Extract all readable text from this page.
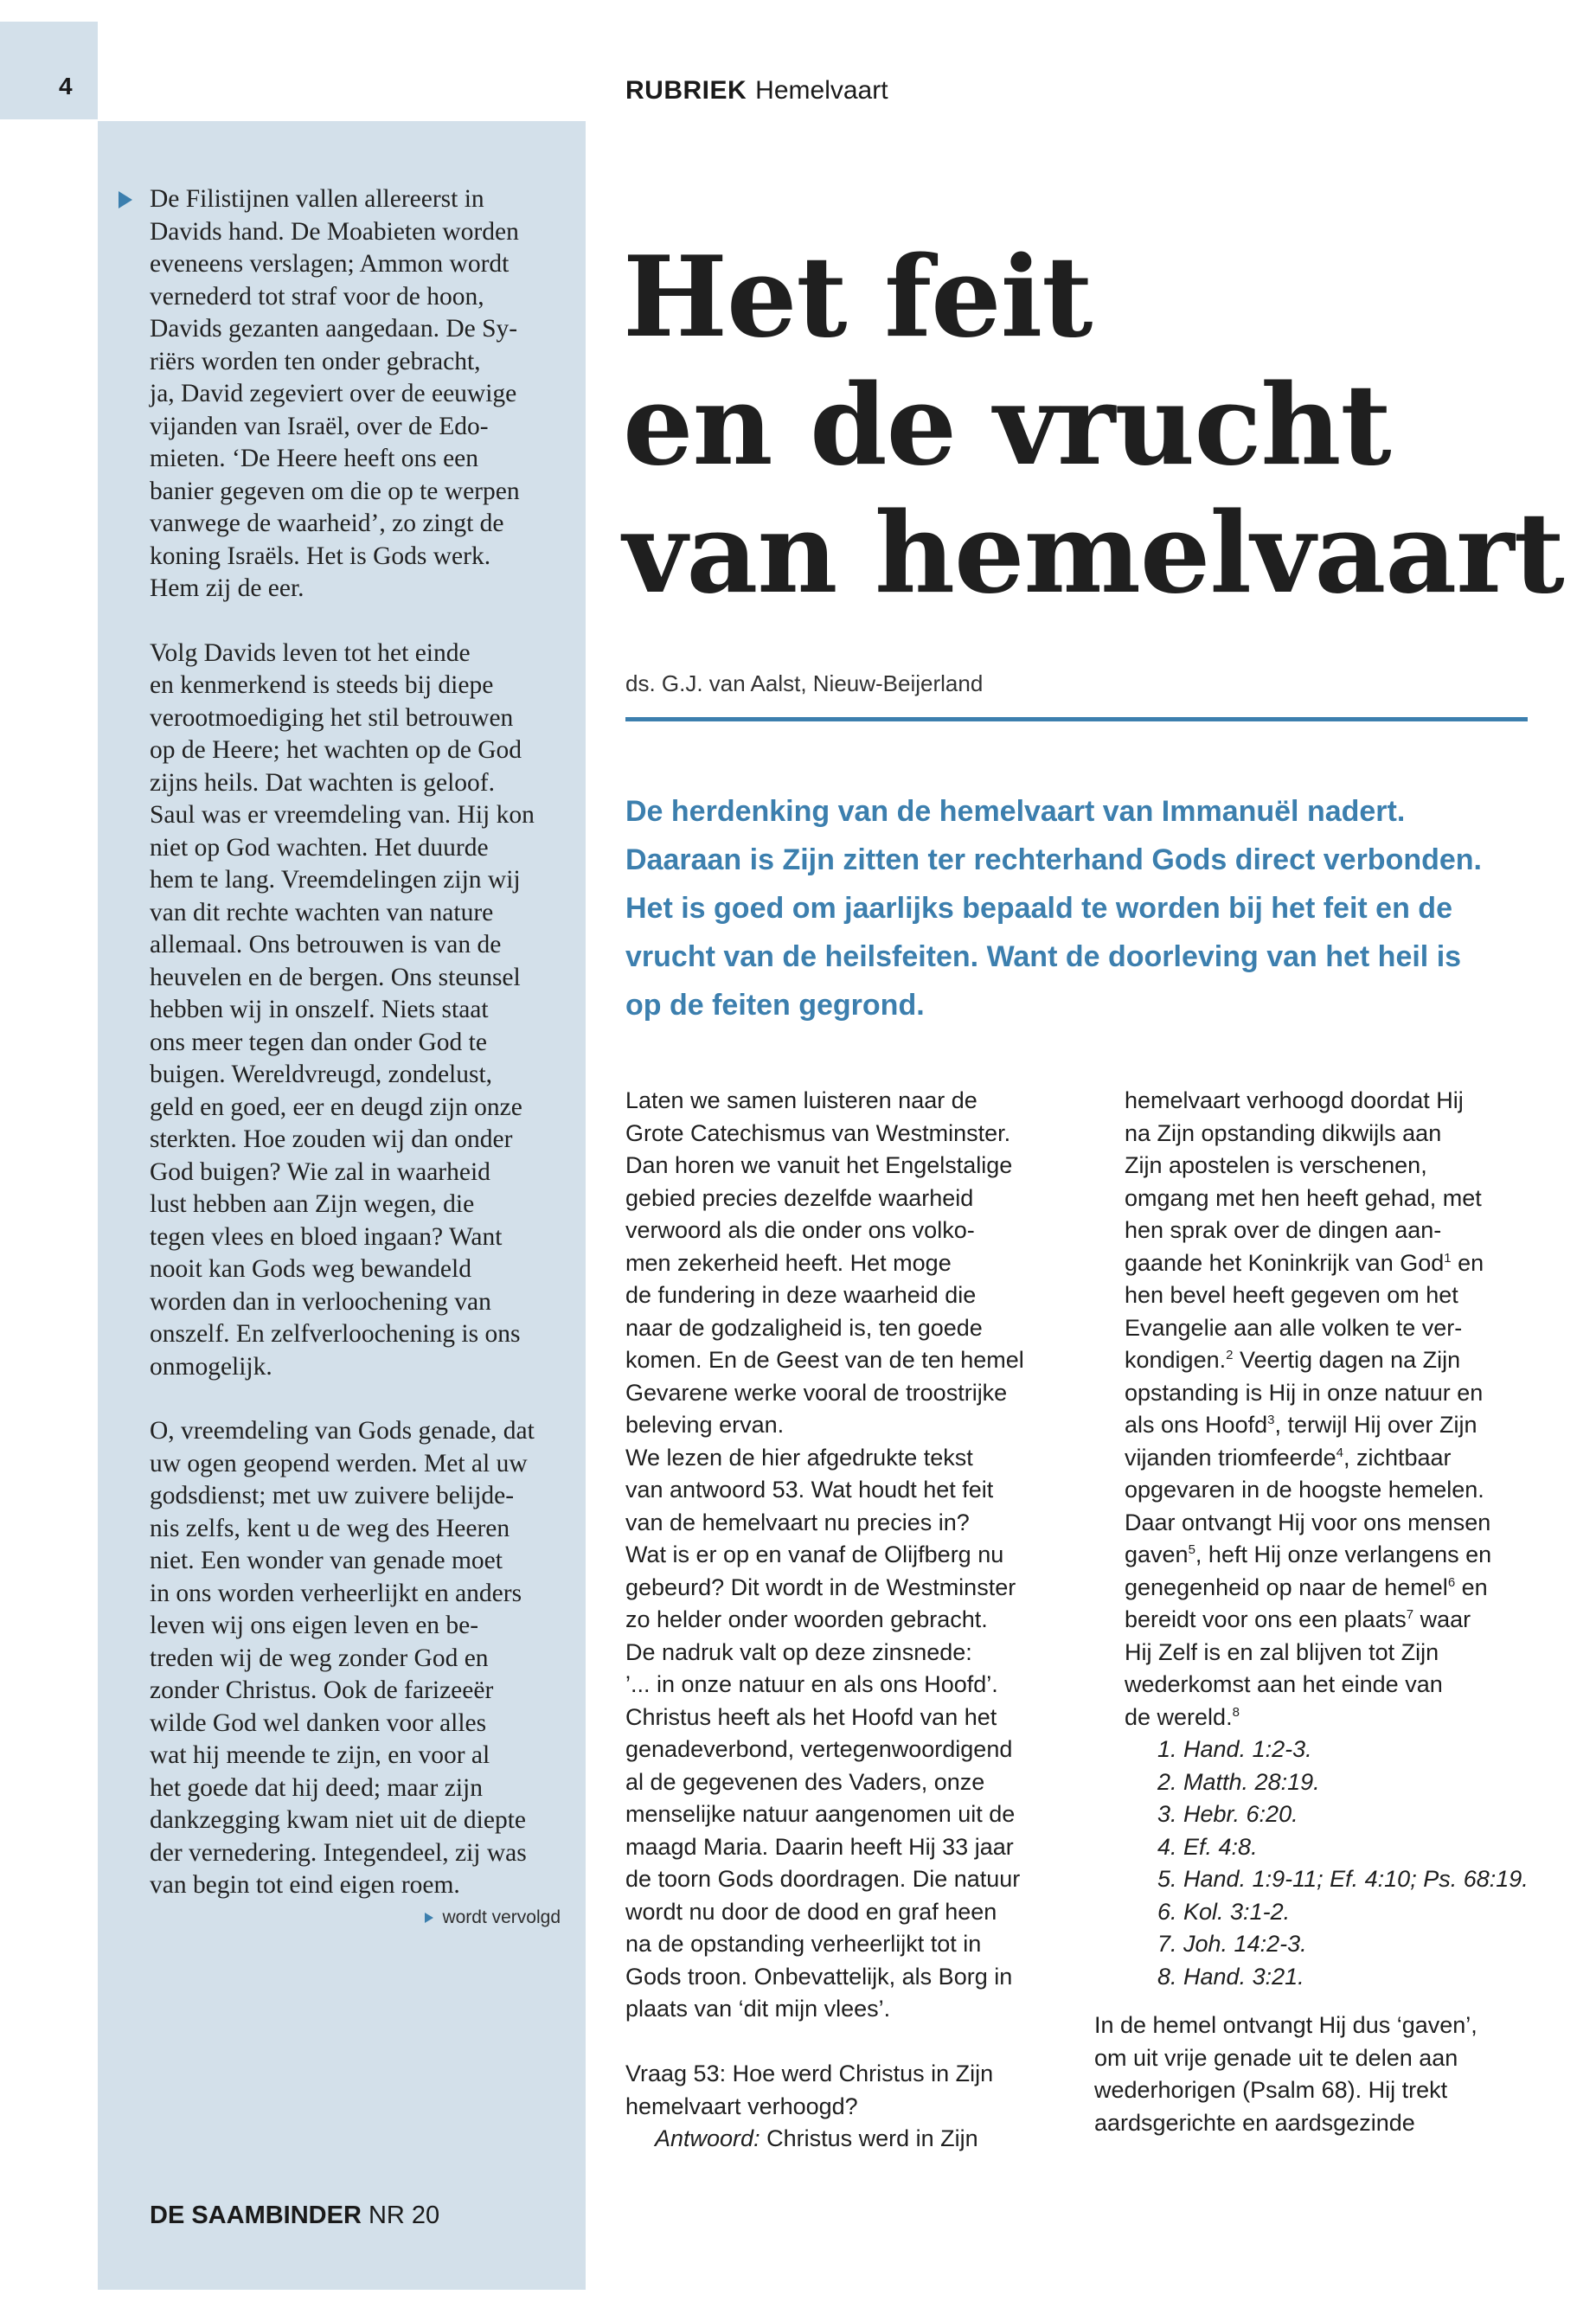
4	RUBRIEK Hemelvaart

De Filistijnen vallen allereerst in
Davids hand. De Moabieten worden
eveneens verslagen; Ammon wordt
vernederd tot straf voor de hoon,
Davids gezanten aangedaan. De Sy-
riërs worden ten onder gebracht,
ja, David zegeviert over de eeuwige
vijanden van Israël, over de Edo-
mieten. ‘De Heere heeft ons een
banier gegeven om die op te werpen
vanwege de waarheid’, zo zingt de
koning Israëls. Het is Gods werk.
Hem zij de eer.

Volg Davids leven tot het einde
en kenmerkend is steeds bij diepe
verootmoediging het stil betrouwen
op de Heere; het wachten op de God
zijns heils. Dat wachten is geloof.
Saul was er vreemdeling van. Hij kon
niet op God wachten. Het duurde
hem te lang. Vreemdelingen zijn wij
van dit rechte wachten van nature
allemaal. Ons betrouwen is van de
heuvelen en de bergen. Ons steunsel
hebben wij in onszelf. Niets staat
ons meer tegen dan onder God te
buigen. Wereldvreugd, zondelust,
geld en goed, eer en deugd zijn onze
sterkten. Hoe zouden wij dan onder
God buigen? Wie zal in waarheid
lust hebben aan Zijn wegen, die
tegen vlees en bloed ingaan? Want
nooit kan Gods weg bewandeld
worden dan in verloochening van
onszelf. En zelfverloochening is ons
onmogelijk.

O, vreemdeling van Gods genade, dat
uw ogen geopend werden. Met al uw
godsdienst; met uw zuivere belijde-
nis zelfs, kent u de weg des Heeren
niet. Een wonder van genade moet
in ons worden verheerlijkt en anders
leven wij ons eigen leven en be-
treden wij de weg zonder God en
zonder Christus. Ook de farizeeër
wilde God wel danken voor alles
wat hij meende te zijn, en voor al
het goede dat hij deed; maar zijn
dankzegging kwam niet uit de diepte
der vernedering. Integendeel, zij was
van begin tot eind eigen roem.

wordt vervolgd
DE SAAMBINDER NR 20
Het feit
en de vrucht
van hemelvaart
ds. G.J. van Aalst, Nieuw-Beijerland
De herdenking van de hemelvaart van Immanuël nadert.
Daaraan is Zijn zitten ter rechterhand Gods direct verbonden.
Het is goed om jaarlijks bepaald te worden bij het feit en de
vrucht van de heilsfeiten. Want de doorleving van het heil is
op de feiten gegrond.
Laten we samen luisteren naar de
Grote Catechismus van Westminster.
Dan horen we vanuit het Engelstalige
gebied precies dezelfde waarheid
verwoord als die onder ons volko-
men zekerheid heeft. Het moge
de fundering in deze waarheid die
naar de godzaligheid is, ten goede
komen. En de Geest van de ten hemel
Gevarene werke vooral de troostrijke
beleving ervan.
We lezen de hier afgedrukte tekst
van antwoord 53. Wat houdt het feit
van de hemelvaart nu precies in?
Wat is er op en vanaf de Olijfberg nu
gebeurd? Dit wordt in de Westminster
zo helder onder woorden gebracht.
De nadruk valt op deze zinsnede:
’... in onze natuur en als ons Hoofd’.
Christus heeft als het Hoofd van het
genadeverbond, vertegenwoordigend
al de gegevenen des Vaders, onze
menselijke natuur aangenomen uit de
maagd Maria. Daarin heeft Hij 33 jaar
de toorn Gods doordragen. Die natuur
wordt nu door de dood en graf heen
na de opstanding verheerlijkt tot in
Gods troon. Onbevattelijk, als Borg in
plaats van ‘dit mijn vlees’.
Vraag 53: Hoe werd Christus in Zijn
hemelvaart verhoogd?
Antwoord: Christus werd in Zijn
hemelvaart verhoogd doordat Hij
na Zijn opstanding dikwijls aan
Zijn apostelen is verschenen,
omgang met hen heeft gehad, met
hen sprak over de dingen aan-
gaande het Koninkrijk van God$^1$ en
hen bevel heeft gegeven om het
Evangelie aan alle volken te ver-
kondigen.$^2$ Veertig dagen na Zijn
opstanding is Hij in onze natuur en
als ons Hoofd$^3$, terwijl Hij over Zijn
vijanden triomfeerde$^4$, zichtbaar
opgevaren in de hoogste hemelen.
Daar ontvangt Hij voor ons mensen
gaven$^5$, heft Hij onze verlangens en
genegenheid op naar de hemel$^6$ en
bereidt voor ons een plaats$^7$ waar
Hij Zelf is en zal blijven tot Zijn
wederkomst aan het einde van
de wereld.$^8$
1. Hand. 1:2-3.
2. Matth. 28:19.
3. Hebr. 6:20.
4. Ef. 4:8.
5. Hand. 1:9-11; Ef. 4:10; Ps. 68:19.
6. Kol. 3:1-2.
7. Joh. 14:2-3.
8. Hand. 3:21.
In de hemel ontvangt Hij dus ‘gaven’,
om uit vrije genade uit te delen aan
wederhorigen (Psalm 68). Hij trekt
aardsgerichte en aardsgezinde
